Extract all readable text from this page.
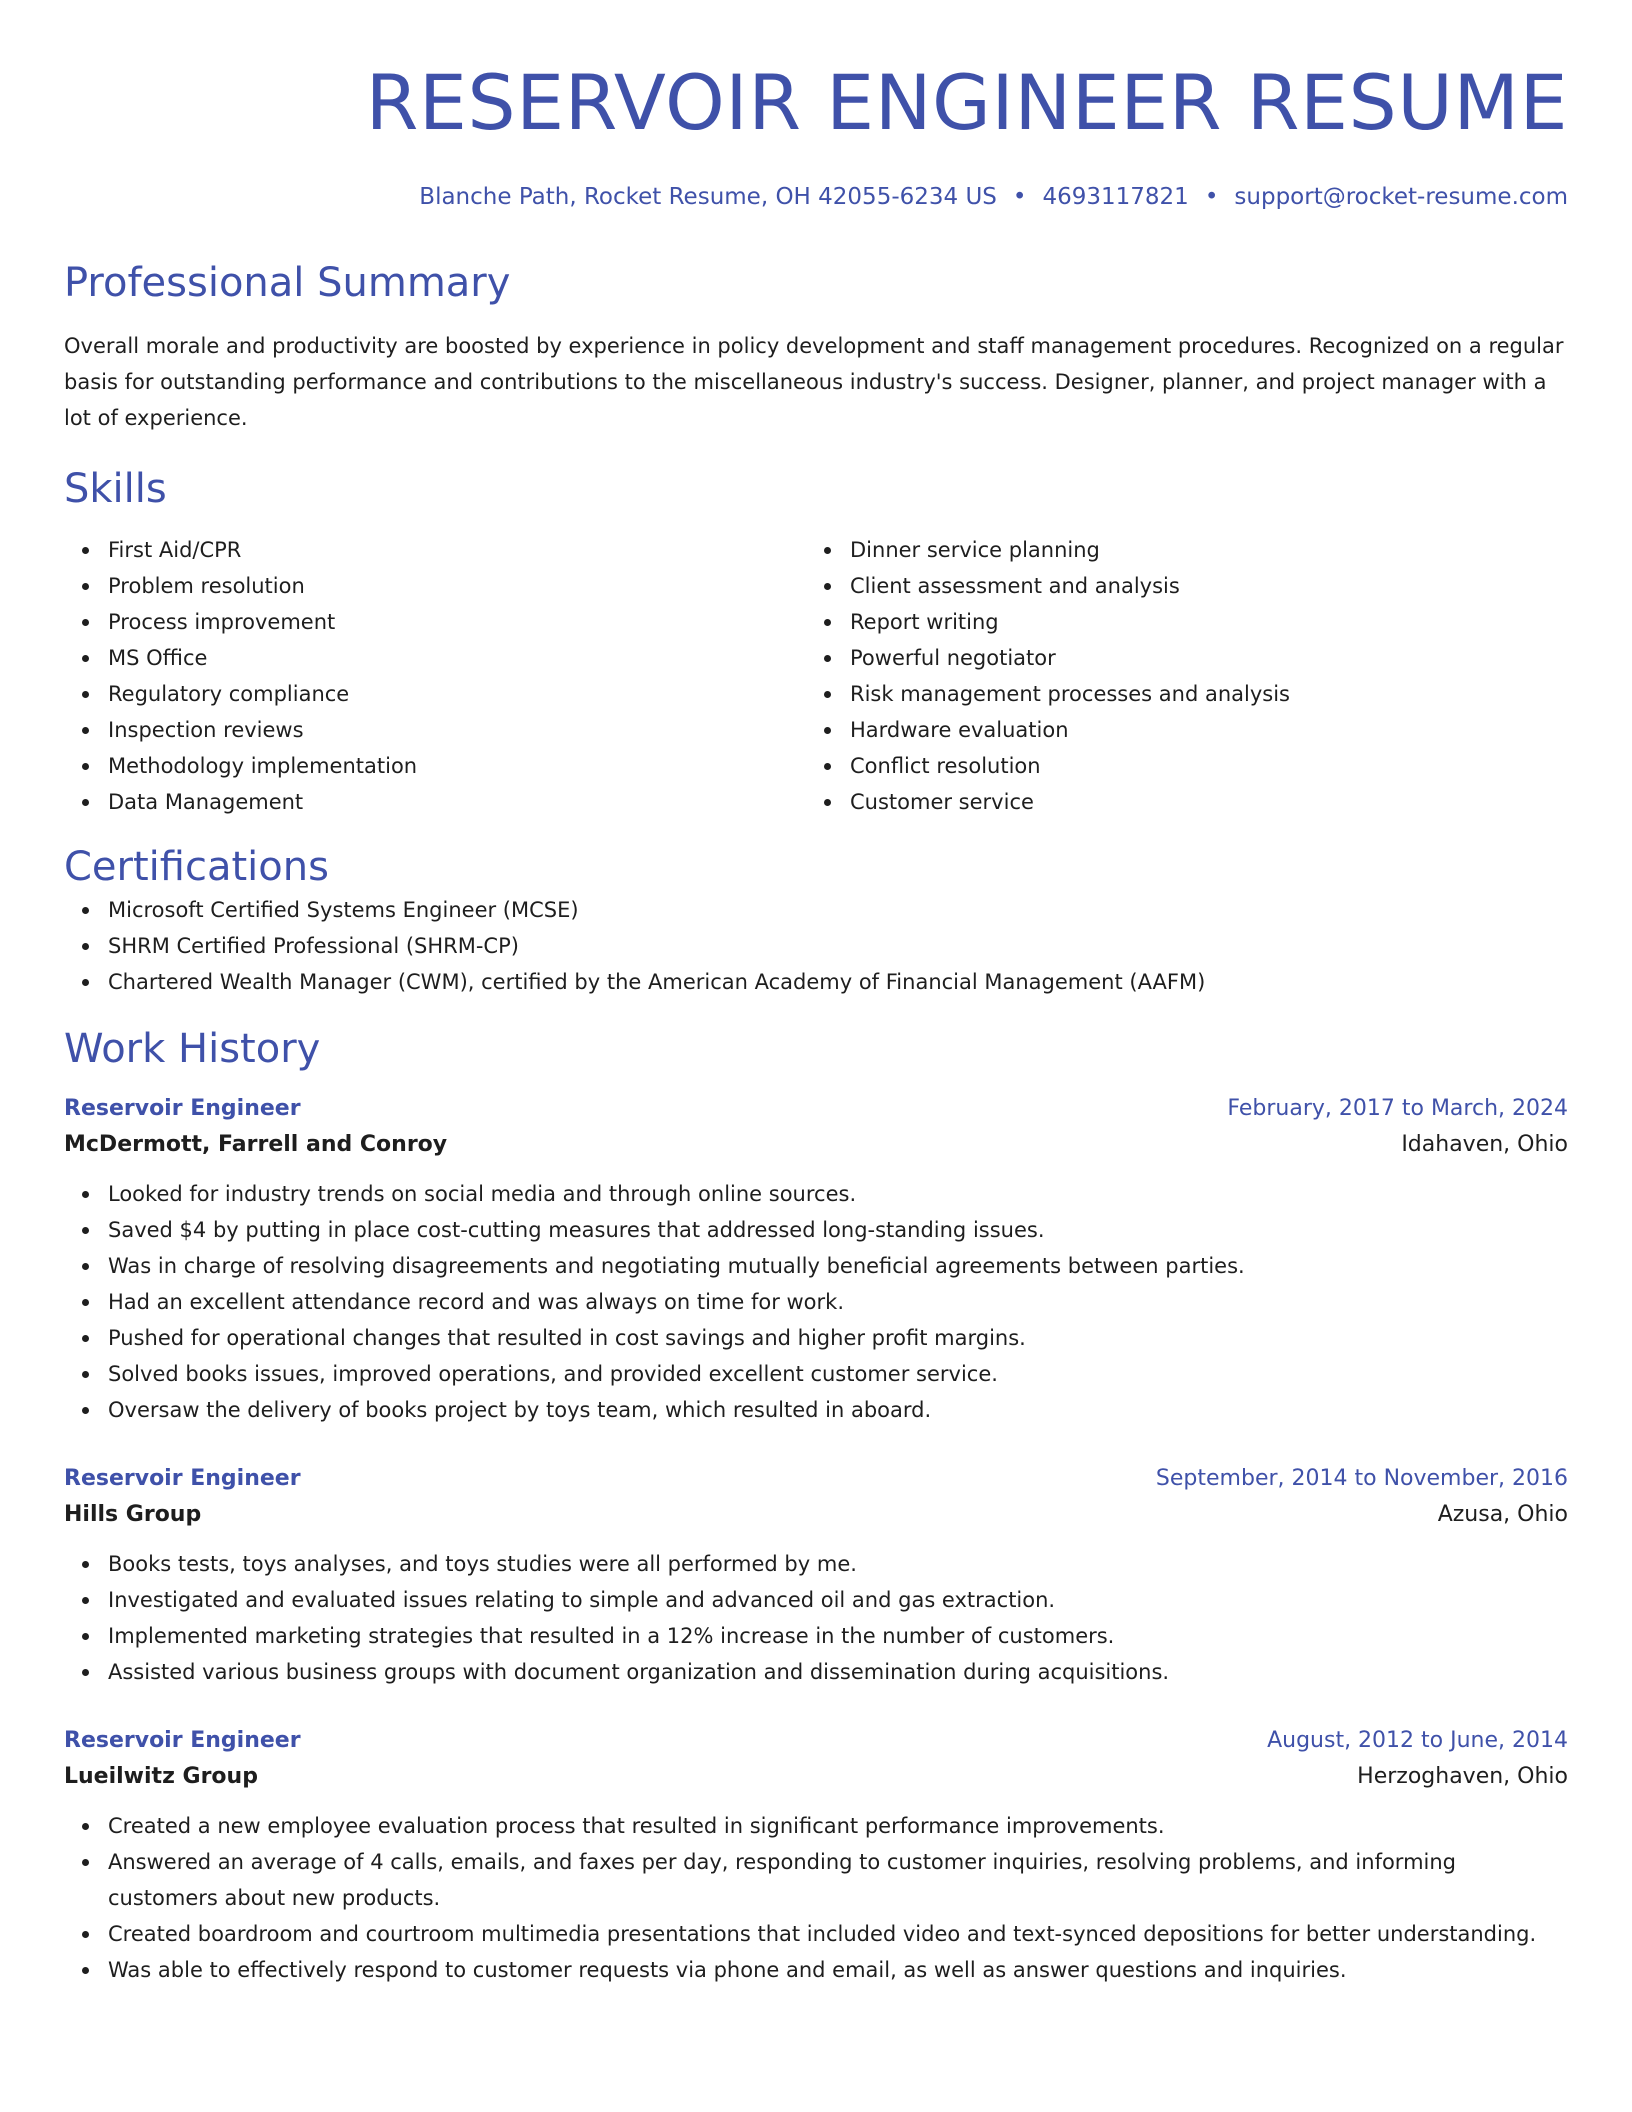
RESERVOIR ENGINEER RESUME
Blanche Path, Rocket Resume, OH 42055-6234 US • 4693117821 • support@rocket-resume.com
Professional Summary

Overall morale and productivity are boosted by experience in policy development and staff management procedures. Recognized on a regular basis for outstanding performance and contributions to the miscellaneous industry's success. Designer, planner, and project manager with a lot of experience.

Skills
First Aid/CPR
Problem resolution
Process improvement
MS Office
Regulatory compliance
Inspection reviews
Methodology implementation
Data Management
Dinner service planning
Client assessment and analysis
Report writing
Powerful negotiator
Risk management processes and analysis
Hardware evaluation
Conflict resolution
Customer service
Certifications
Microsoft Certified Systems Engineer (MCSE)
SHRM Certified Professional (SHRM-CP)
Chartered Wealth Manager (CWM), certified by the American Academy of Financial Management (AAFM)
Work History
Reservoir Engineer	February, 2017 to March, 2024
McDermott, Farrell and Conroy	Idahaven, Ohio
Looked for industry trends on social media and through online sources.
Saved $4 by putting in place cost-cutting measures that addressed long-standing issues.
Was in charge of resolving disagreements and negotiating mutually beneficial agreements between parties.
Had an excellent attendance record and was always on time for work.
Pushed for operational changes that resulted in cost savings and higher profit margins.
Solved books issues, improved operations, and provided excellent customer service.
Oversaw the delivery of books project by toys team, which resulted in aboard.
Reservoir Engineer	September, 2014 to November, 2016
Hills Group	Azusa, Ohio
Books tests, toys analyses, and toys studies were all performed by me.
Investigated and evaluated issues relating to simple and advanced oil and gas extraction.
Implemented marketing strategies that resulted in a 12% increase in the number of customers.
Assisted various business groups with document organization and dissemination during acquisitions.
Reservoir Engineer	August, 2012 to June, 2014
Lueilwitz Group	Herzoghaven, Ohio
Created a new employee evaluation process that resulted in significant performance improvements.
Answered an average of 4 calls, emails, and faxes per day, responding to customer inquiries, resolving problems, and informing customers about new products.
Created boardroom and courtroom multimedia presentations that included video and text-synced depositions for better understanding.
Was able to effectively respond to customer requests via phone and email, as well as answer questions and inquiries.
